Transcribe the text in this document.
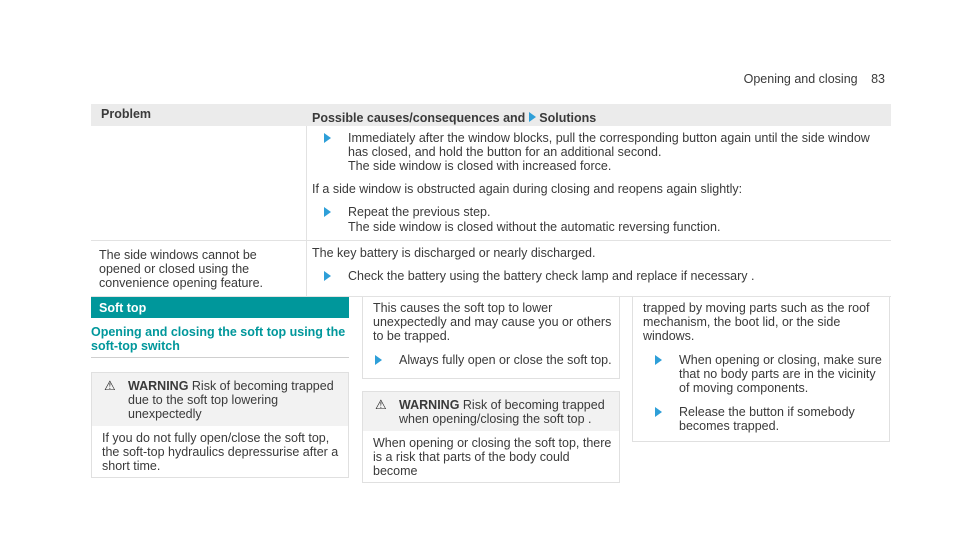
Opening and closing 83
Problem	Possible causes/consequences and Solutions
Immediately after the window blocks, pull the corresponding button again until the side window has closed, and hold the button for an additional second.
The side window is closed with increased force.
If a side window is obstructed again during closing and reopens again slightly:
Repeat the previous step.
The side window is closed without the automatic reversing function.
The side windows cannot be opened or closed using the convenience opening feature.
The key battery is discharged or nearly discharged.
Check the battery using the battery check lamp and replace if necessary .
Soft top
Opening and closing the soft top using the soft-top switch
⚠ WARNING Risk of becoming trapped due to the soft top lowering unexpectedly
If you do not fully open/close the soft top, the soft-top hydraulics depressurise after a short time.
This causes the soft top to lower unexpectedly and may cause you or others to be trapped.
Always fully open or close the soft top.
⚠ WARNING Risk of becoming trapped when opening/closing the soft top .
When opening or closing the soft top, there is a risk that parts of the body could become
trapped by moving parts such as the roof mechanism, the boot lid, or the side windows.
When opening or closing, make sure that no body parts are in the vicinity of moving components.
Release the button if somebody becomes trapped.
